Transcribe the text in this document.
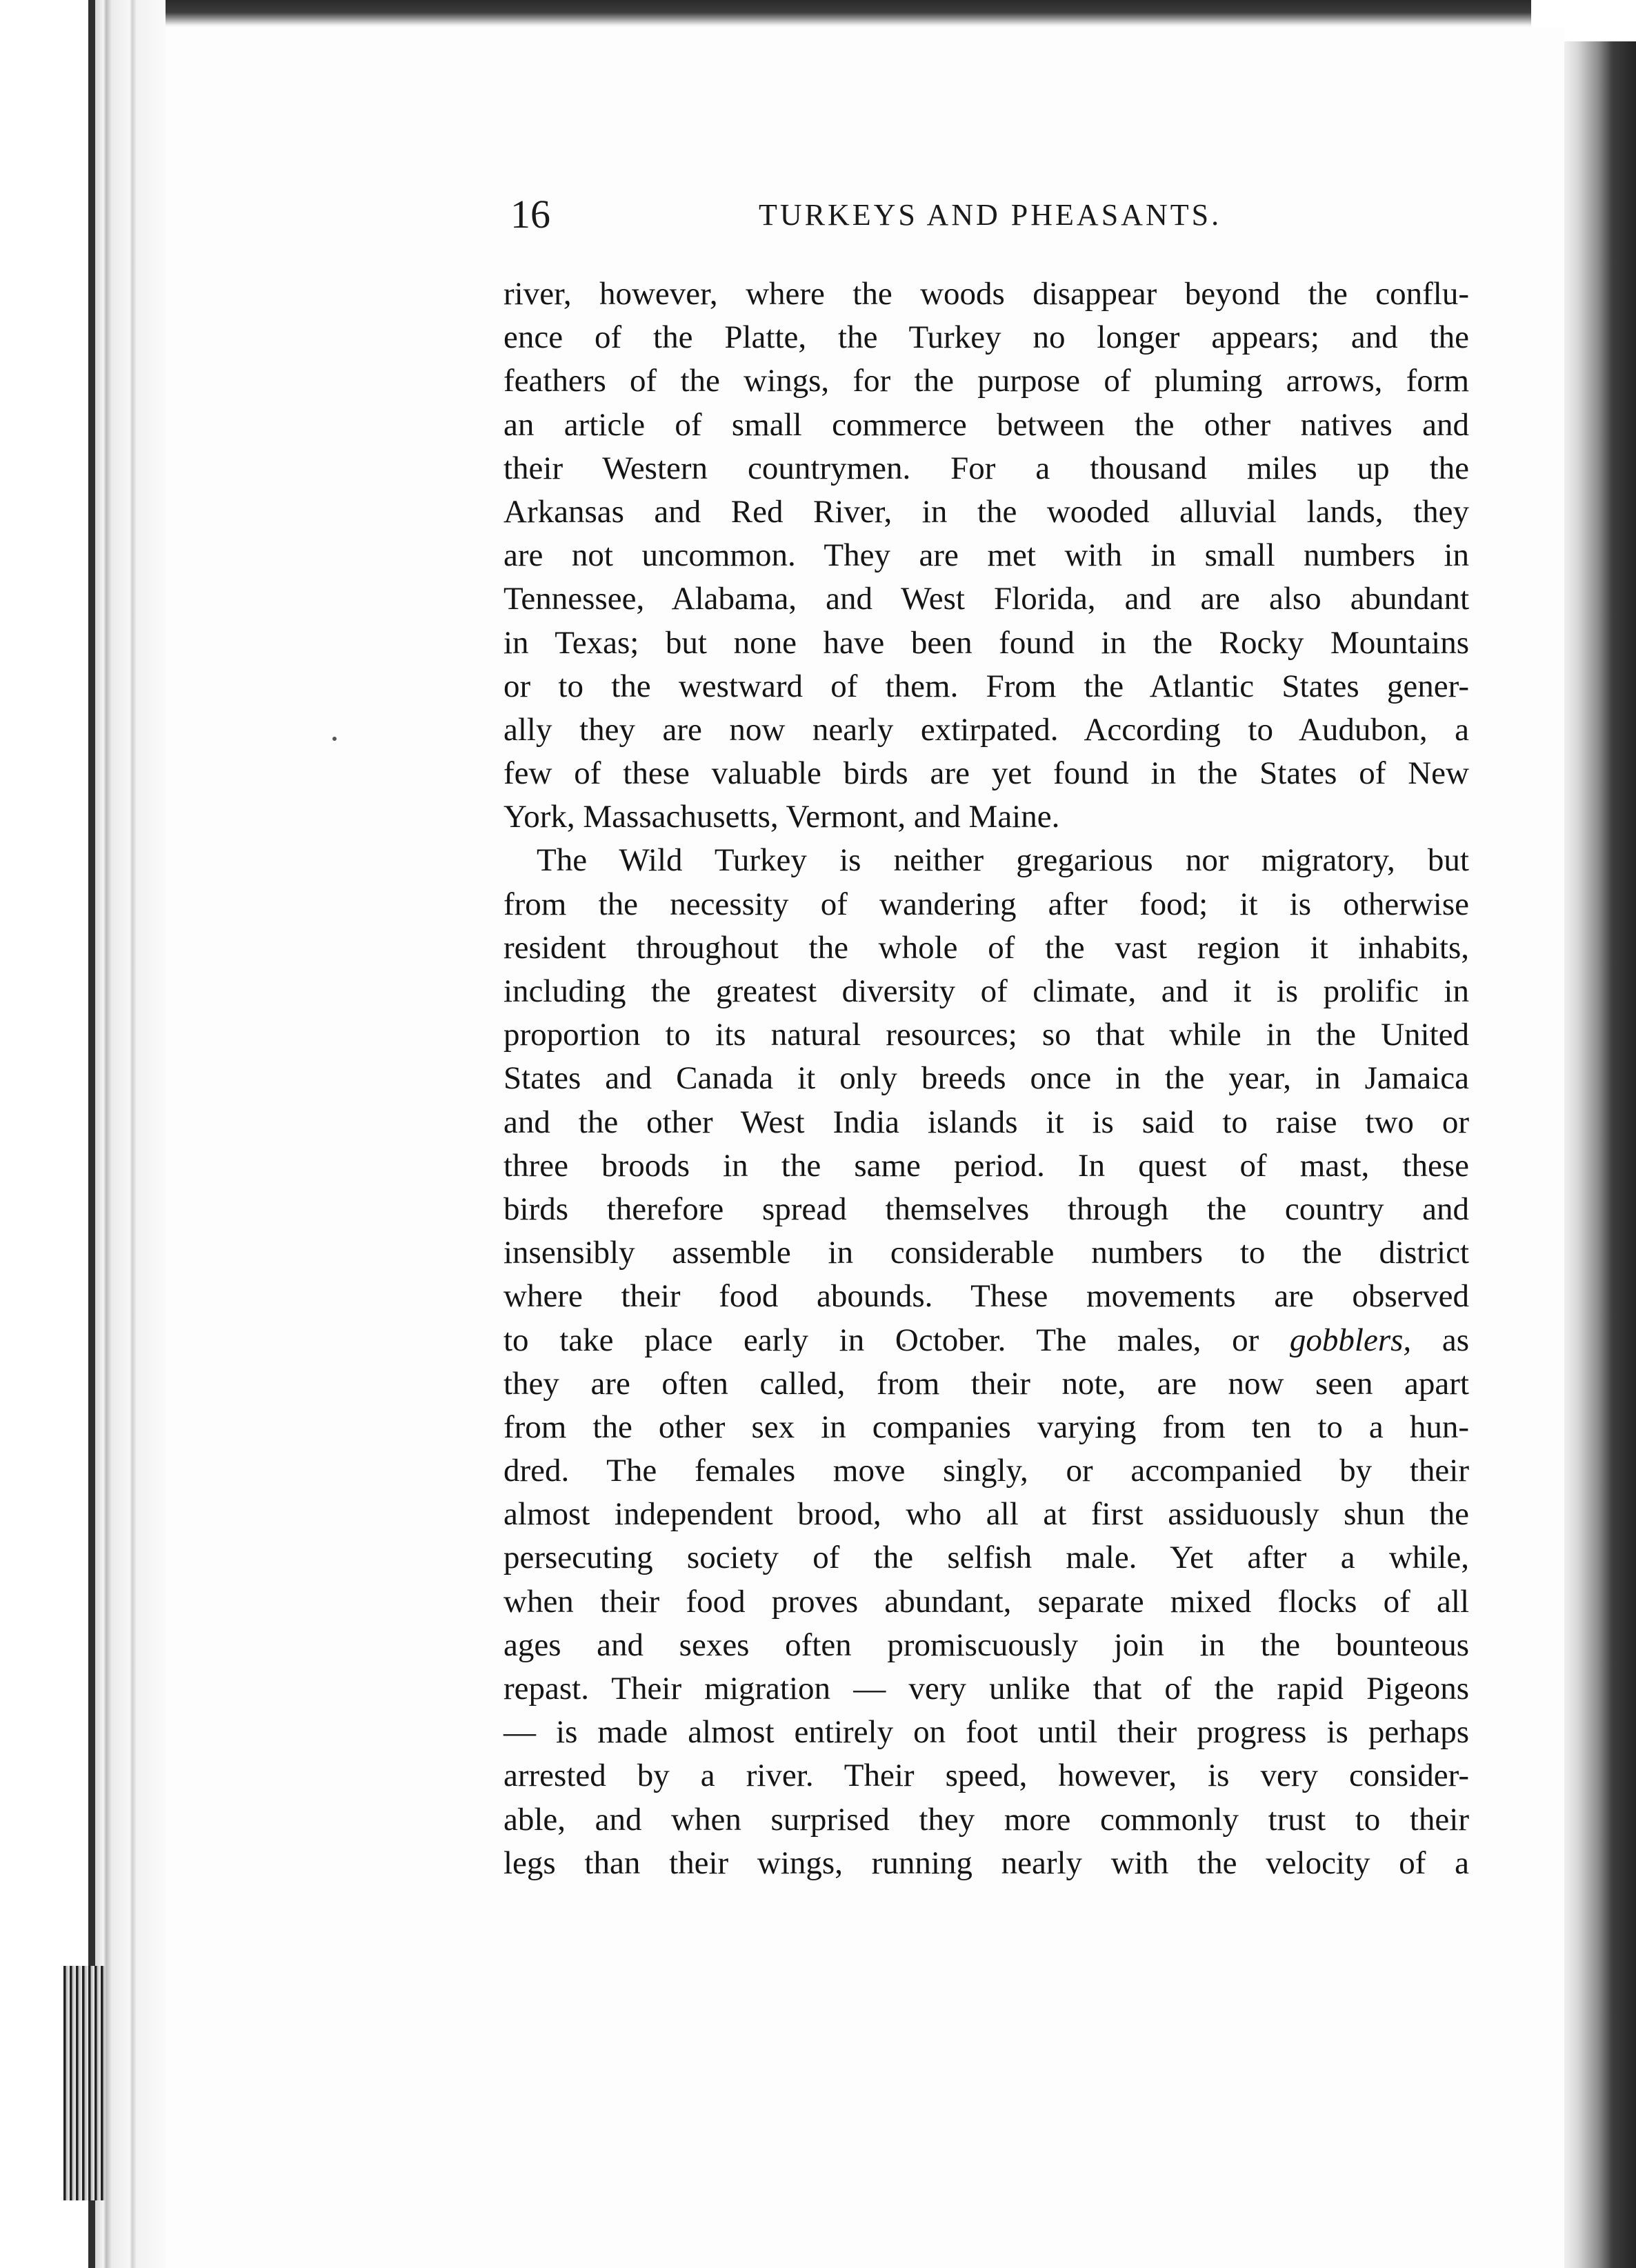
16	TURKEYS AND PHEASANTS.
river, however, where the woods disappear beyond the conflu-
ence of the Platte, the Turkey no longer appears; and the
feathers of the wings, for the purpose of pluming arrows, form
an article of small commerce between the other natives and
their Western countrymen. For a thousand miles up the
Arkansas and Red River, in the wooded alluvial lands, they
are not uncommon. They are met with in small numbers in
Tennessee, Alabama, and West Florida, and are also abundant
in Texas; but none have been found in the Rocky Mountains
or to the westward of them. From the Atlantic States gener-
ally they are now nearly extirpated. According to Audubon, a
few of these valuable birds are yet found in the States of New
York, Massachusetts, Vermont, and Maine.
The Wild Turkey is neither gregarious nor migratory, but
from the necessity of wandering after food; it is otherwise
resident throughout the whole of the vast region it inhabits,
including the greatest diversity of climate, and it is prolific in
proportion to its natural resources; so that while in the United
States and Canada it only breeds once in the year, in Jamaica
and the other West India islands it is said to raise two or
three broods in the same period. In quest of mast, these
birds therefore spread themselves through the country and
insensibly assemble in considerable numbers to the district
where their food abounds. These movements are observed
to take place early in October. The males, or gobblers, as
they are often called, from their note, are now seen apart
from the other sex in companies varying from ten to a hun-
dred. The females move singly, or accompanied by their
almost independent brood, who all at first assiduously shun the
persecuting society of the selfish male. Yet after a while,
when their food proves abundant, separate mixed flocks of all
ages and sexes often promiscuously join in the bounteous
repast. Their migration — very unlike that of the rapid Pigeons
— is made almost entirely on foot until their progress is perhaps
arrested by a river. Their speed, however, is very consider-
able, and when surprised they more commonly trust to their
legs than their wings, running nearly with the velocity of a
